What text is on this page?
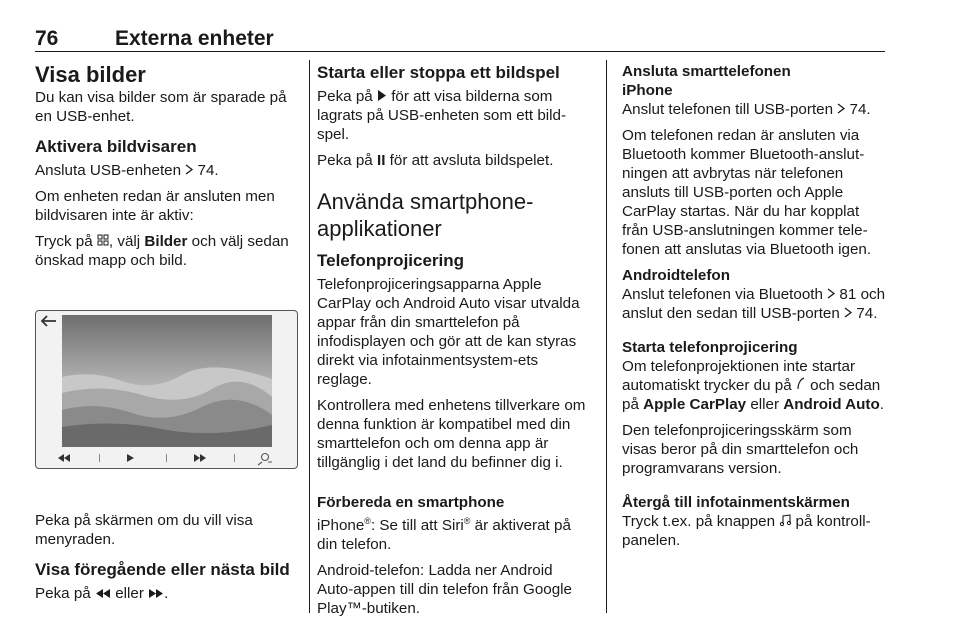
76	Externa enheter
Visa bilder

Du kan visa bilder som är sparade på en USB-enhet.

Aktivera bildvisaren

Ansluta USB-enheten 74.

Om enheten redan är ansluten men bildvisaren inte är aktiv:

Tryck på , välj Bilder och välj sedan önskad mapp och bild.

Peka på skärmen om du vill visa menyraden.

Visa föregående eller nästa bild

Peka på eller .

Starta eller stoppa ett bildspel

Peka på för att visa bilderna som lagrats på USB-enheten som ett bild-spel.

Peka på II för att avsluta bildspelet.

Använda smartphone-applikationer
Telefonprojicering

Telefonprojiceringsapparna Apple CarPlay och Android Auto visar utvalda appar från din smarttelefon på infodisplayen och gör att de kan styras direkt via infotainmentsystem-ets reglage.

Kontrollera med enhetens tillverkare om denna funktion är kompatibel med din smarttelefon och om denna app är tillgänglig i det land du befinner dig i.

Förbereda en smartphone

iPhone®: Se till att Siri® är aktiverat på din telefon.

Android-telefon: Ladda ner Android Auto-appen till din telefon från Google Play™-butiken.

Ansluta smarttelefonen
iPhone

Anslut telefonen till USB-porten 74.

Om telefonen redan är ansluten via Bluetooth kommer Bluetooth-anslut-ningen att avbrytas när telefonen ansluts till USB-porten och Apple CarPlay startas. När du har kopplat från USB-anslutningen kommer tele-fonen att anslutas via Bluetooth igen.

Androidtelefon

Anslut telefonen via Bluetooth 81 och anslut den sedan till USB-porten 74.

Starta telefonprojicering

Om telefonprojektionen inte startar automatiskt trycker du på och sedan på Apple CarPlay eller Android Auto.

Den telefonprojiceringsskärm som visas beror på din smarttelefon och programvarans version.

Återgå till infotainmentskärmen

Tryck t.ex. på knappen på kontroll-panelen.
